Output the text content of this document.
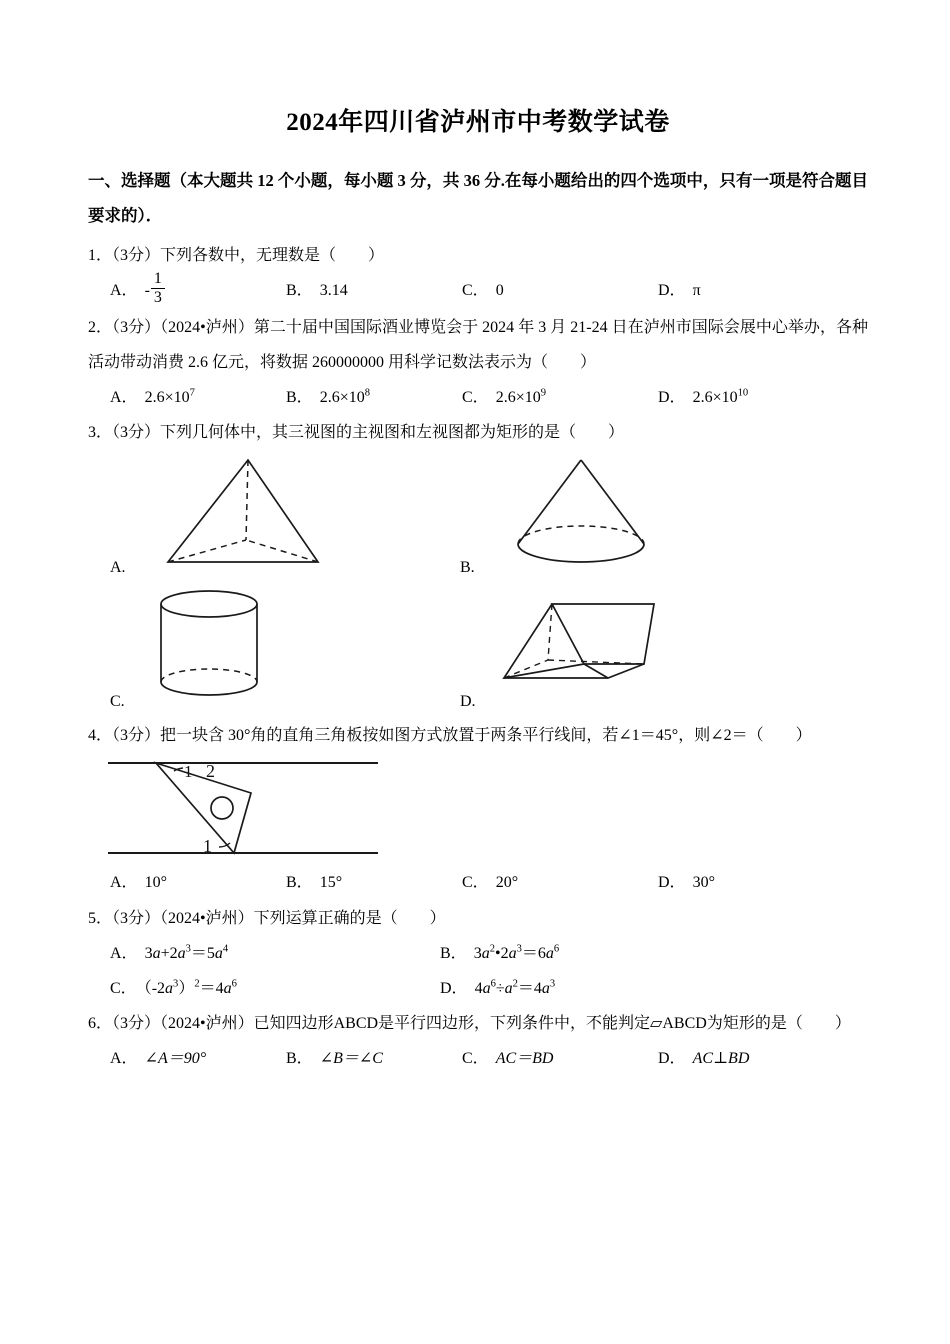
2024年四川省泸州市中考数学试卷
一、选择题（本大题共 12 个小题，每小题 3 分，共 36 分.在每小题给出的四个选项中，只有一项是符合题目要求的）．
1．（3分）下列各数中，无理数是（　　）
A． ‑ $\frac{1}{3}$	B． 3.14	C． 0	D． π
2．（3分）（2024•泸州）第二十届中国国际酒业博览会于 2024 年 3 月 21‑24 日在泸州市国际会展中心举办，各种活动带动消费 2.6 亿元，将数据 260000000 用科学记数法表示为（　　）
A． $2.6\times 10^7$	B． $2.6\times 10^8$	C． $2.6\times 10^9$	D． $2.6\times 10^{10}$
3．（3分）下列几何体中，其三视图的主视图和左视图都为矩形的是（　　）
A.	B.
C.	D.
4．（3分）把一块含 30°角的直角三角板按如图方式放置于两条平行线间，若∠1＝45°，则∠2＝（　　）
1 2
1
A． 10°	B． 15°	C． 20°	D． 30°
5．（3分）（2024•泸州）下列运算正确的是（　　）
A． $3a+2a^3=5a^4$	B． $3a^2•2a^3=6a^6$
C． $(‑2a^3)^2=4a^6$	D． $4a^6\div a^2=4a^3$
6．（3分）（2024•泸州）已知四边形ABCD是平行四边形，下列条件中，不能判定▱ABCD为矩形的是（　　）
A． ∠A＝90°	B． ∠B＝∠C	C． AC＝BD	D． AC⊥BD
